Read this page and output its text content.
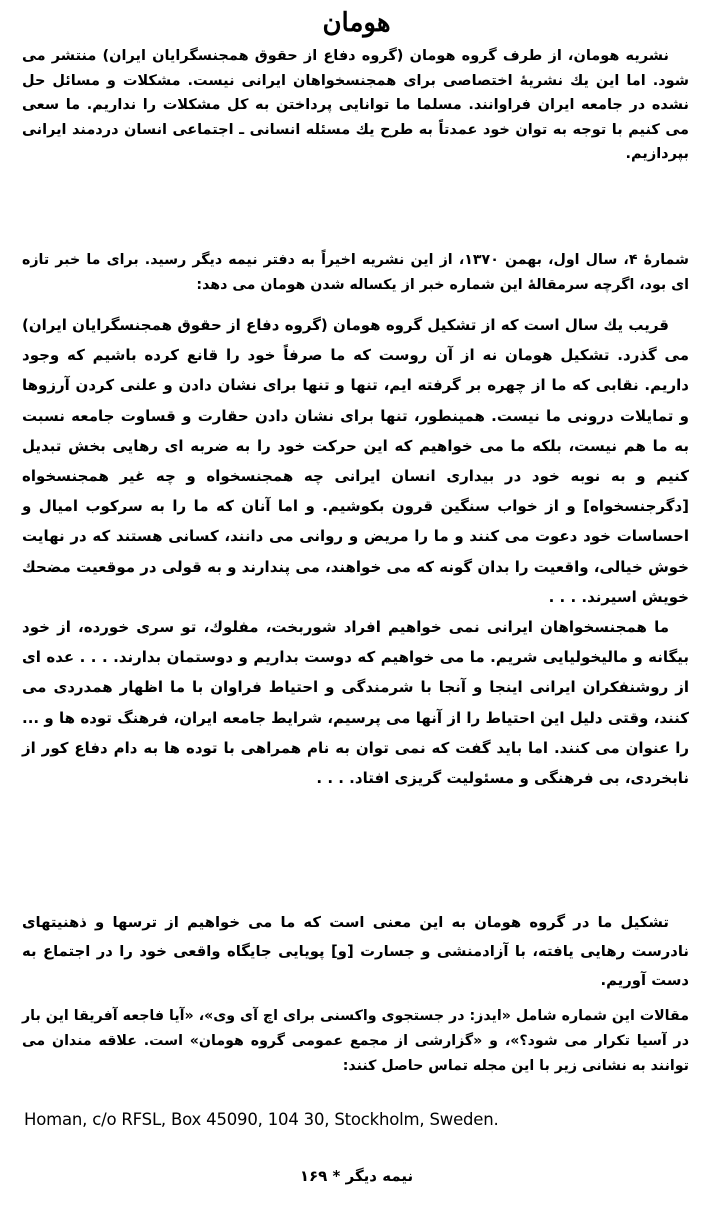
هومان

نشریه هومان، از طرف گروه هومان (گروه دفاع از حقوق همجنسگرایان ایران) منتشر می شود. اما این یك نشریهٔ اختصاصی برای همجنسخواهان ایرانی نیست. مشکلات و مسائل حل نشده در جامعه ایران فراوانند. مسلما ما توانایی پرداختن به کل مشکلات را نداریم. ما سعی می کنیم با توجه به توان خود عمدتاً به طرح یك مسئله انسانی ـ اجتماعی انسان دردمند ایرانی بپردازیم.

شمارهٔ ۴، سال اول، بهمن ۱۳۷۰، از این نشریه اخیراً به دفتر نیمه دیگر رسید. برای ما خبر تازه ای بود، اگرچه سرمقالهٔ این شماره خبر از یکساله شدن هومان می دهد:

قریب یك سال است که از تشکیل گروه هومان (گروه دفاع از حقوق همجنسگرایان ایران) می گذرد. تشکیل هومان نه از آن روست که ما صرفاً خود را قانع کرده باشیم که وجود داریم. نقابی که ما از چهره بر گرفته ایم، تنها و تنها برای نشان دادن و علنی کردن آرزوها و تمایلات درونی ما نیست. همینطور، تنها برای نشان دادن حقارت و قساوت جامعه نسبت به ما هم نیست، بلکه ما می خواهیم که این حرکت خود را به ضربه ای رهایی بخش تبدیل کنیم و به نوبه خود در بیداری انسان ایرانی چه همجنسخواه و چه غیر همجنسخواه [دگرجنسخواه] و از خواب سنگین قرون بکوشیم. و اما آنان که ما را به سرکوب امیال و احساسات خود دعوت می کنند و ما را مریض و روانی می دانند، کسانی هستند که در نهایت خوش خیالی، واقعیت را بدان گونه که می خواهند، می پندارند و به قولی در موقعیت مضحك خویش اسیرند. . . .

ما همجنسخواهان ایرانی نمی خواهیم افراد شوربخت، مفلوك، تو سری خورده، از خود بیگانه و مالیخولیایی شریم. ما می خواهیم که دوست بداریم و دوستمان بدارند. . . . عده ای از روشنفکران ایرانی اینجا و آنجا با شرمندگی و احتیاط فراوان با ما اظهار همدردی می کنند، وقتی دلیل این احتیاط را از آنها می پرسیم، شرایط جامعه ایران، فرهنگ توده ها و ... را عنوان می کنند. اما باید گفت که نمی توان به نام همراهی با توده ها به دام دفاع کور از نابخردی، بی فرهنگی و مسئولیت گریزی افتاد. . . .

تشکیل ما در گروه هومان به این معنی است که ما می خواهیم از ترسها و ذهنیتهای نادرست رهایی یافته، با آزادمنشی و جسارت [و] پویایی جایگاه واقعی خود را در اجتماع به دست آوریم.

مقالات این شماره شامل «ایدز: در جستجوی واکسنی برای اچ آی وی»، «آیا فاجعه آفریقا این بار در آسیا تکرار می شود؟»، و «گزارشی از مجمع عمومی گروه هومان» است. علاقه مندان می توانند به نشانی زیر با این مجله تماس حاصل کنند:

Homan, c/o RFSL, Box 45090, 104 30, Stockholm, Sweden.
نیمه دیگر * ۱۶۹
